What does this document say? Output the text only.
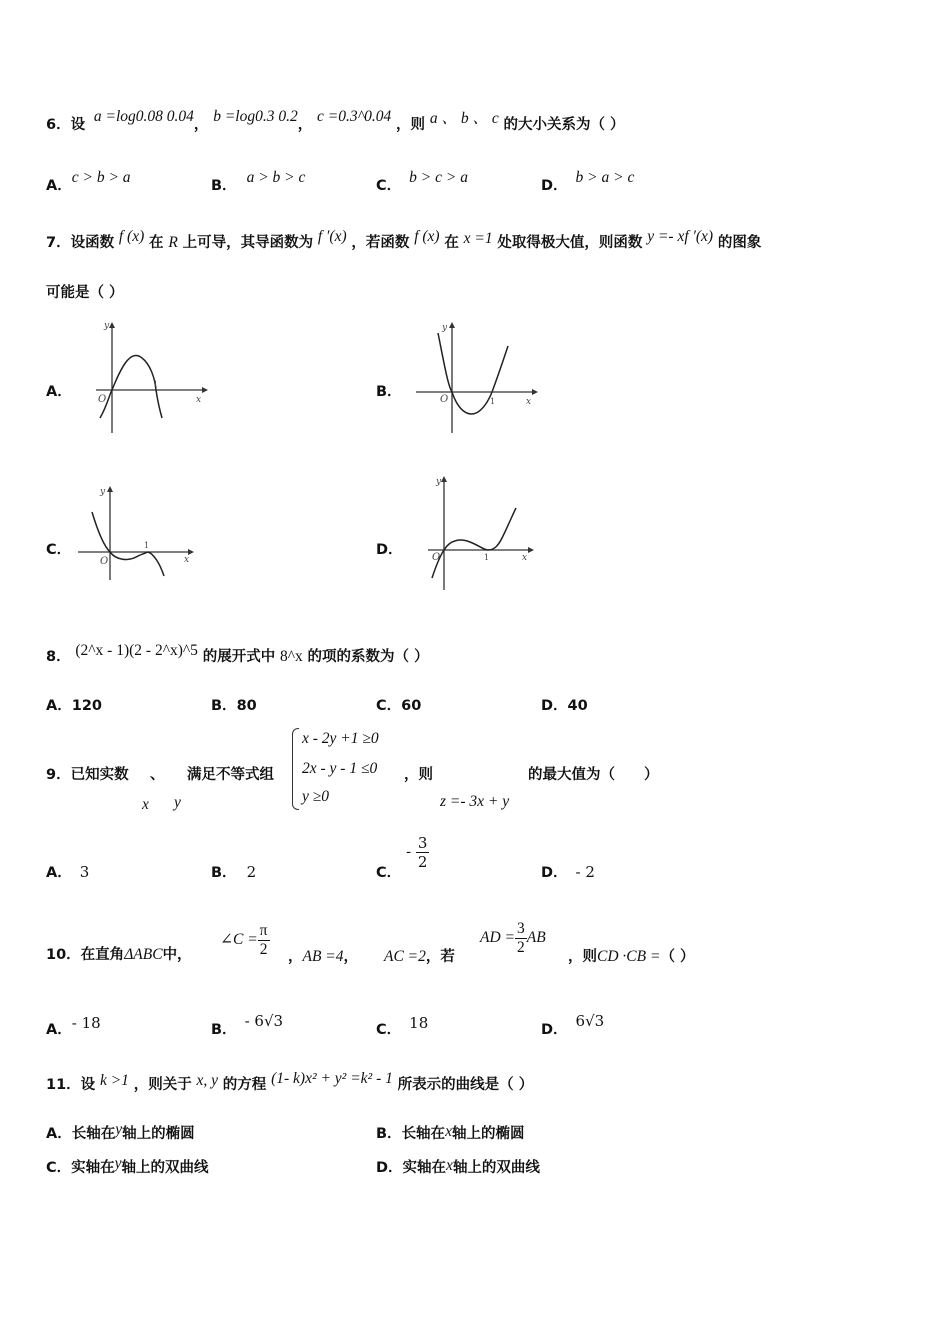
6．设 a =log0.08 0.04， b =log0.3 0.2， c =0.3^0.04 ，则 a 、 b 、 c 的大小关系为（ ）
A．c > b > a	B． a > b > c	C． b > c > a	D． b > a > c
7．设函数 f (x) 在 R 上可导，其导函数为 f ′(x) ，若函数 f (x) 在 x =1 处取得极大值，则函数 y =- xf ′(x) 的图象
可能是（ ）
A．
y
x
O
1	B．
y
x
O	1
C．
y
x
O
1	D．
y
x
O	1
8． (2^x - 1)(2 - 2^x)^5 的展开式中 8^x 的项的系数为（ ）
A．120	B．80	C．60	D．40
9．已知实数 、 满足不等式组
x y
x - 2y +1 ≥0
2x - y - 1 ≤0
y ≥0
，则
z =- 3x + y
的最大值为（　　）
A． 3	B． 2	C．
- $\frac{3}{2}$
D． - 2
10．在直角ΔABC中，
∠C = $\frac{\pi}{2}$ ，AB =4， AC =2，若
AD = $\frac{3}{2}$ AB
，则CD ·CB =（ ）
A．- 18	B． - 6√3	C． 18	D． 6√3
11．设 k >1 ，则关于 x, y 的方程 (1- k)x² + y² =k² - 1 所表示的曲线是（ ）
A．长轴在y轴上的椭圆	B．长轴在x轴上的椭圆
C．实轴在y轴上的双曲线	D．实轴在x轴上的双曲线
